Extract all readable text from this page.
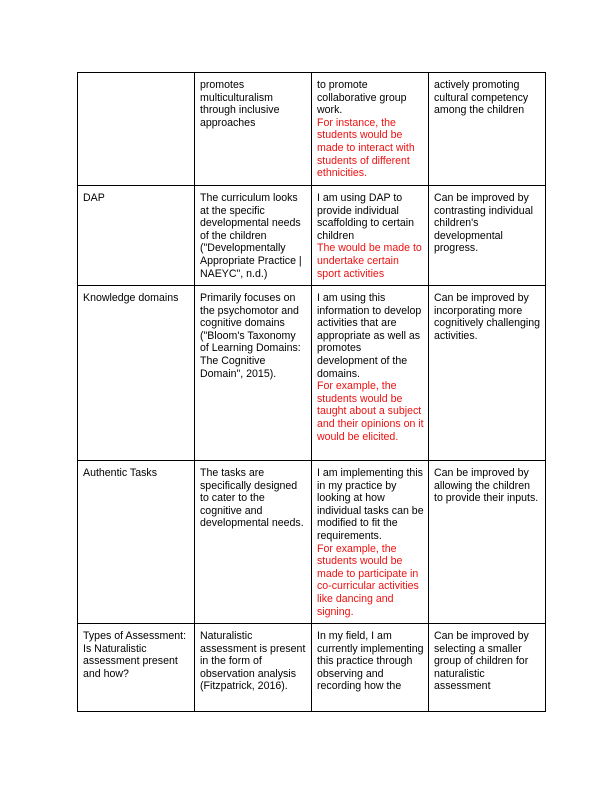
	promotes multiculturalism through inclusive approaches	to promote collaborative group work.
For instance, the students would be made to interact with students of different ethnicities.	actively promoting cultural competency among the children
DAP	The curriculum looks at the specific developmental needs of the children ("Developmentally Appropriate Practice | NAEYC", n.d.)	I am using DAP to provide individual scaffolding to certain children
The would be made to undertake certain sport activities	Can be improved by contrasting individual children's developmental progress.
Knowledge domains	Primarily focuses on the psychomotor and cognitive domains ("Bloom's Taxonomy of Learning Domains: The Cognitive Domain", 2015).	I am using this information to develop activities that are appropriate as well as promotes development of the domains.
For example, the students would be taught about a subject and their opinions on it would be elicited.	Can be improved by incorporating more cognitively challenging activities.
Authentic Tasks	The tasks are specifically designed to cater to the cognitive and developmental needs.	I am implementing this in my practice by looking at how individual tasks can be modified to fit the requirements.
For example, the students would be made to participate in co-curricular activities like dancing and signing.	Can be improved by allowing the children to provide their inputs.
Types of Assessment: Is Naturalistic assessment present and how?	Naturalistic assessment is present in the form of observation analysis (Fitzpatrick, 2016).	In my field, I am currently implementing this practice through observing and recording how the	Can be improved by selecting a smaller group of children for naturalistic assessment
